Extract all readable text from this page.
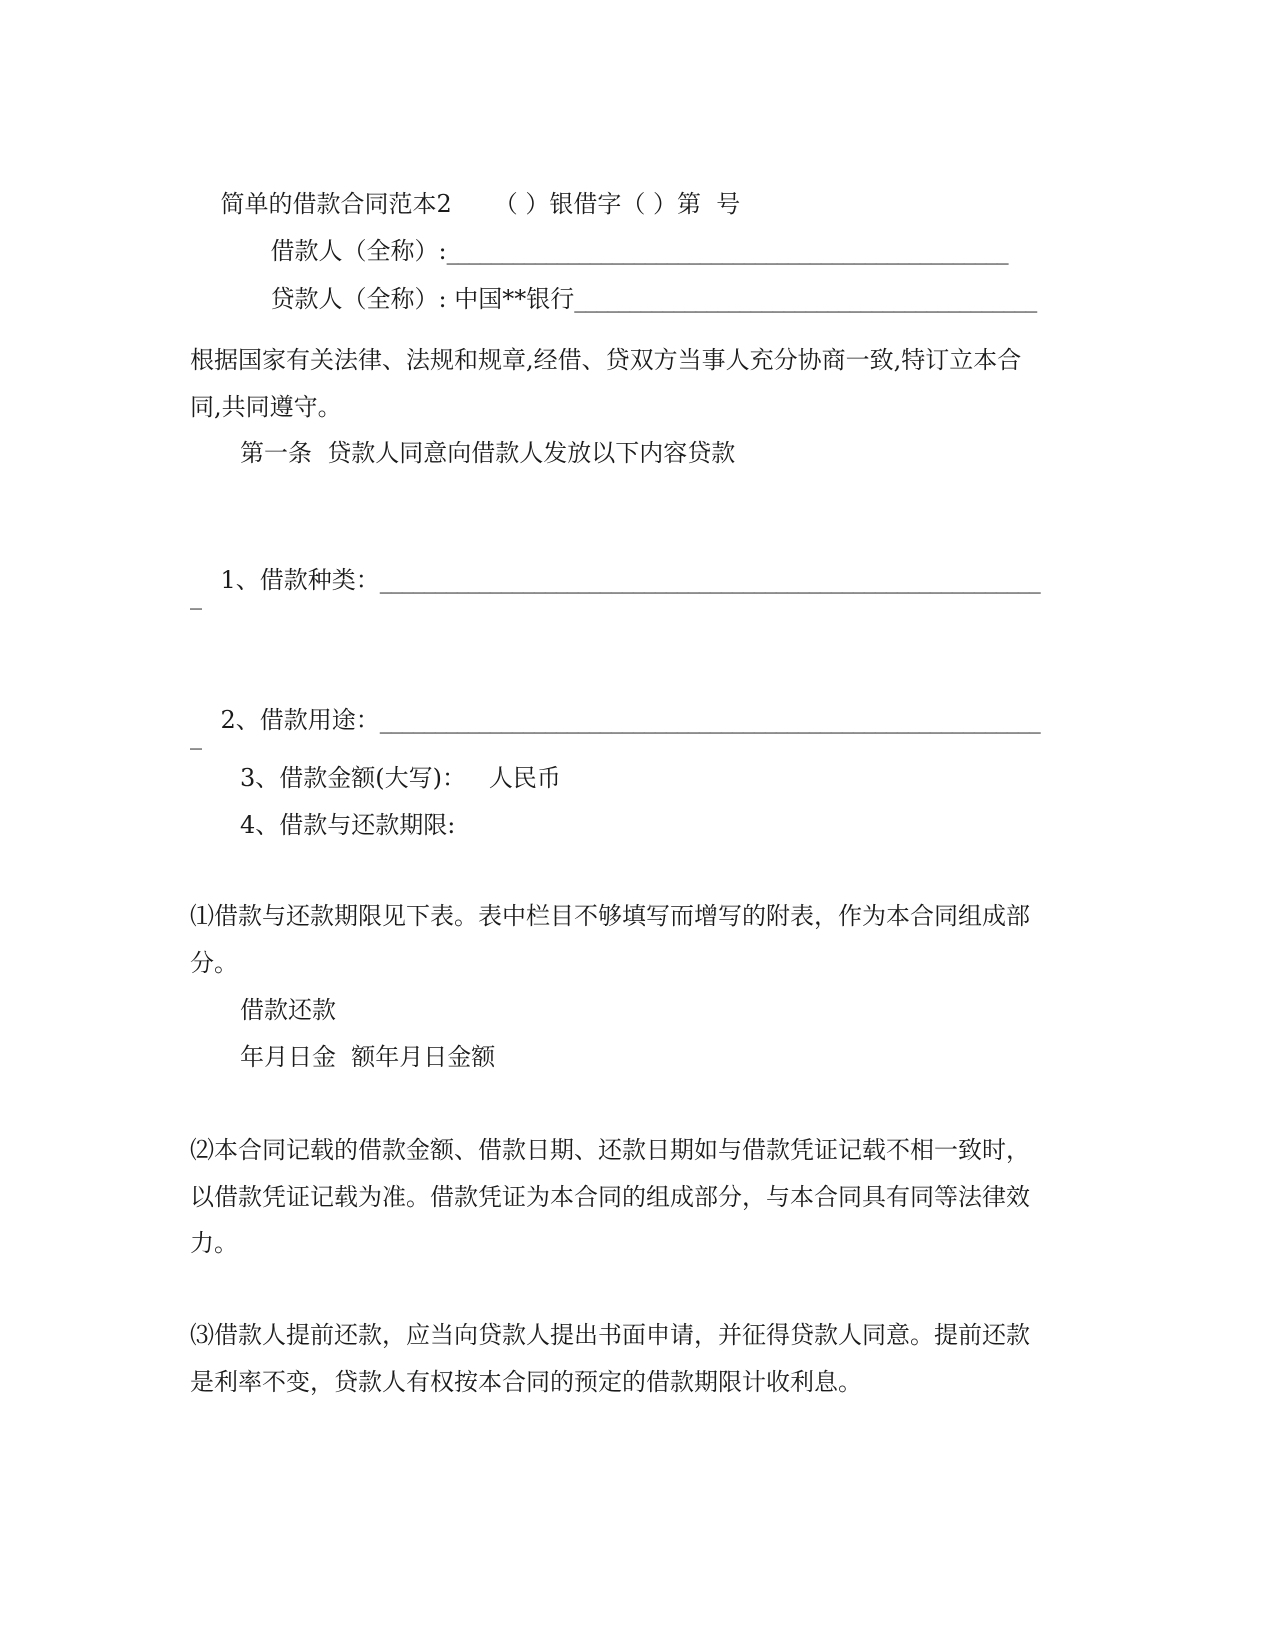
简单的借款合同范本2 （ ）银借字（ ）第  号

借款人（全称）:___________________________________________________

贷款人（全称）: 中国**银行__________________________________________

根据国家有关法律、法规和规章,经借、贷双方当事人充分协商一致,特订立本合
同,共同遵守。
第一条  贷款人同意向借款人发放以下内容贷款

1、借款种类：____________________________________________________________

_

2、借款用途：____________________________________________________________

_
3、借款金额(大写)：   人民币
4、借款与还款期限:
⑴借款与还款期限见下表。表中栏目不够填写而增写的附表，作为本合同组成部
分。
借款还款
年月日金  额年月日金额
⑵本合同记载的借款金额、借款日期、还款日期如与借款凭证记载不相一致时，
以借款凭证记载为准。借款凭证为本合同的组成部分，与本合同具有同等法律效
力。
⑶借款人提前还款，应当向贷款人提出书面申请，并征得贷款人同意。提前还款
是利率不变，贷款人有权按本合同的预定的借款期限计收利息。
